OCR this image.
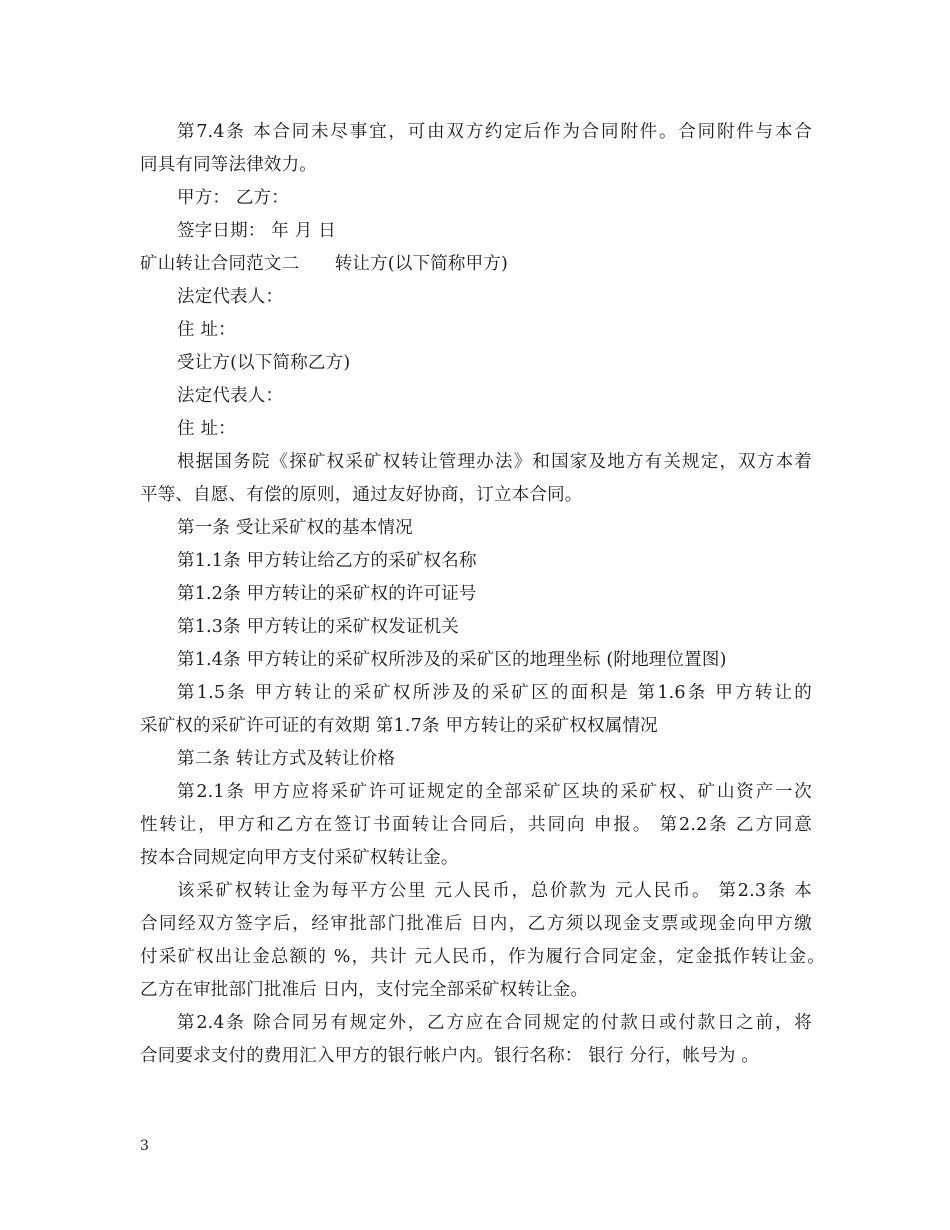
第7.4条 本合同未尽事宜，可由双方约定后作为合同附件。合同附件与本合
同具有同等法律效力。
甲方： 乙方：
签字日期： 年 月 日
矿山转让合同范文二　　转让方(以下简称甲方)
法定代表人：
住 址：
受让方(以下简称乙方)
法定代表人：
住 址：
根据国务院《探矿权采矿权转让管理办法》和国家及地方有关规定，双方本着
平等、自愿、有偿的原则，通过友好协商，订立本合同。
第一条 受让采矿权的基本情况
第1.1条 甲方转让给乙方的采矿权名称
第1.2条 甲方转让的采矿权的许可证号
第1.3条 甲方转让的采矿权发证机关
第1.4条 甲方转让的采矿权所涉及的采矿区的地理坐标 (附地理位置图)
第1.5条 甲方转让的采矿权所涉及的采矿区的面积是 第1.6条 甲方转让的
采矿权的采矿许可证的有效期 第1.7条 甲方转让的采矿权权属情况
第二条 转让方式及转让价格
第2.1条 甲方应将采矿许可证规定的全部采矿区块的采矿权、矿山资产一次
性转让，甲方和乙方在签订书面转让合同后，共同向 申报。 第2.2条 乙方同意
按本合同规定向甲方支付采矿权转让金。
该采矿权转让金为每平方公里 元人民币，总价款为 元人民币。 第2.3条 本
合同经双方签字后，经审批部门批准后 日内，乙方须以现金支票或现金向甲方缴
付采矿权出让金总额的 %，共计 元人民币，作为履行合同定金，定金抵作转让金。
乙方在审批部门批准后 日内，支付完全部采矿权转让金。
第2.4条 除合同另有规定外，乙方应在合同规定的付款日或付款日之前，将
合同要求支付的费用汇入甲方的银行帐户内。银行名称： 银行 分行，帐号为 。
3
